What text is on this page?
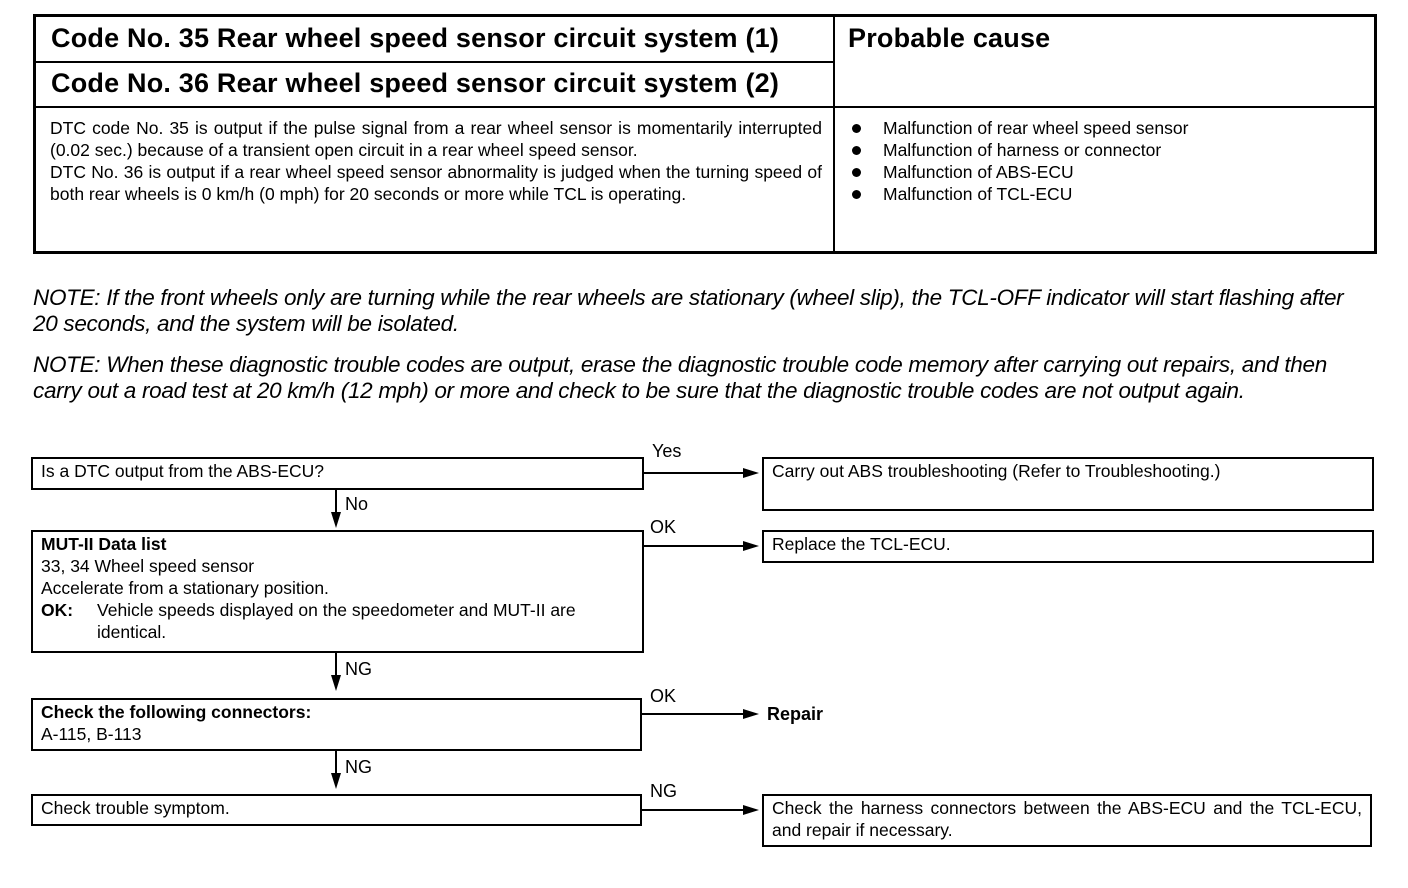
Code No. 35 Rear wheel speed sensor circuit system (1)
Code No. 36 Rear wheel speed sensor circuit system (2)
Probable cause

DTC code No. 35 is output if the pulse signal from a rear wheel sensor is momentarily interrupted (0.02 sec.) because of a transient open circuit in a rear wheel speed sensor.

DTC No. 36 is output if a rear wheel speed sensor abnormality is judged when the turning speed of both rear wheels is 0 km/h (0 mph) for 20 seconds or more while TCL is operating.

Malfunction of rear wheel speed sensor
Malfunction of harness or connector
Malfunction of ABS-ECU
Malfunction of TCL-ECU
NOTE: If the front wheels only are turning while the rear wheels are stationary (wheel slip), the TCL-OFF indicator will start flashing after 20 seconds, and the system will be isolated.
NOTE: When these diagnostic trouble codes are output, erase the diagnostic trouble code memory after carrying out repairs, and then carry out a road test at 20 km/h (12 mph) or more and check to be sure that the diagnostic trouble codes are not output again.
Is a DTC output from the ABS-ECU?
Yes
Carry out ABS troubleshooting (Refer to Troubleshooting.)
No
MUT-II Data list
33, 34 Wheel speed sensor
Accelerate from a stationary position.
OK:	Vehicle speeds displayed on the speedometer and MUT-II are identical.
OK
Replace the TCL-ECU.
NG
Check the following connectors:
A-115, B-113
OK
Repair
NG
Check trouble symptom.
NG
Check the harness connectors between the ABS-ECU and the TCL-ECU, and repair if necessary.
